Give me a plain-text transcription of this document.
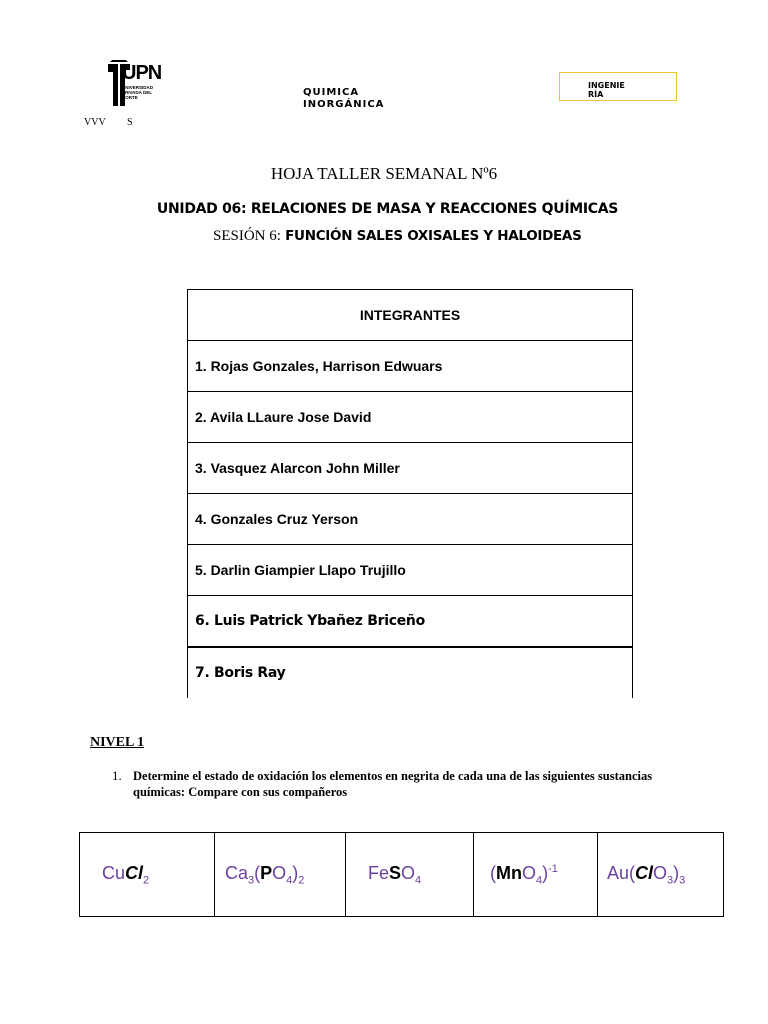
UPN
UNIVERSIDAD PRIVADA DEL NORTE	QUIMICA
INORGÁNICA
INGENIE
RÍA
VVV S
HOJA TALLER SEMANAL Nº6
UNIDAD 06: RELACIONES DE MASA Y REACCIONES QUÍMICAS
SESIÓN 6: FUNCIÓN SALES OXISALES Y HALOIDEAS
INTEGRANTES
1. Rojas Gonzales, Harrison Edwuars
2. Avila LLaure Jose David
3. Vasquez Alarcon John Miller
4. Gonzales Cruz Yerson
5. Darlin Giampier Llapo Trujillo
6. Luis Patrick Ybañez Briceño
7. Boris Ray
NIVEL 1
1. Determine el estado de oxidación los elementos en negrita de cada una de las siguientes sustancias químicas: Compare con sus compañeros
CuCl$_2$	$Ca_3(PO_4)_2$	FeSO$_4$	$(MnO_4)^{-1}$	$Au(ClO_3)_3$
